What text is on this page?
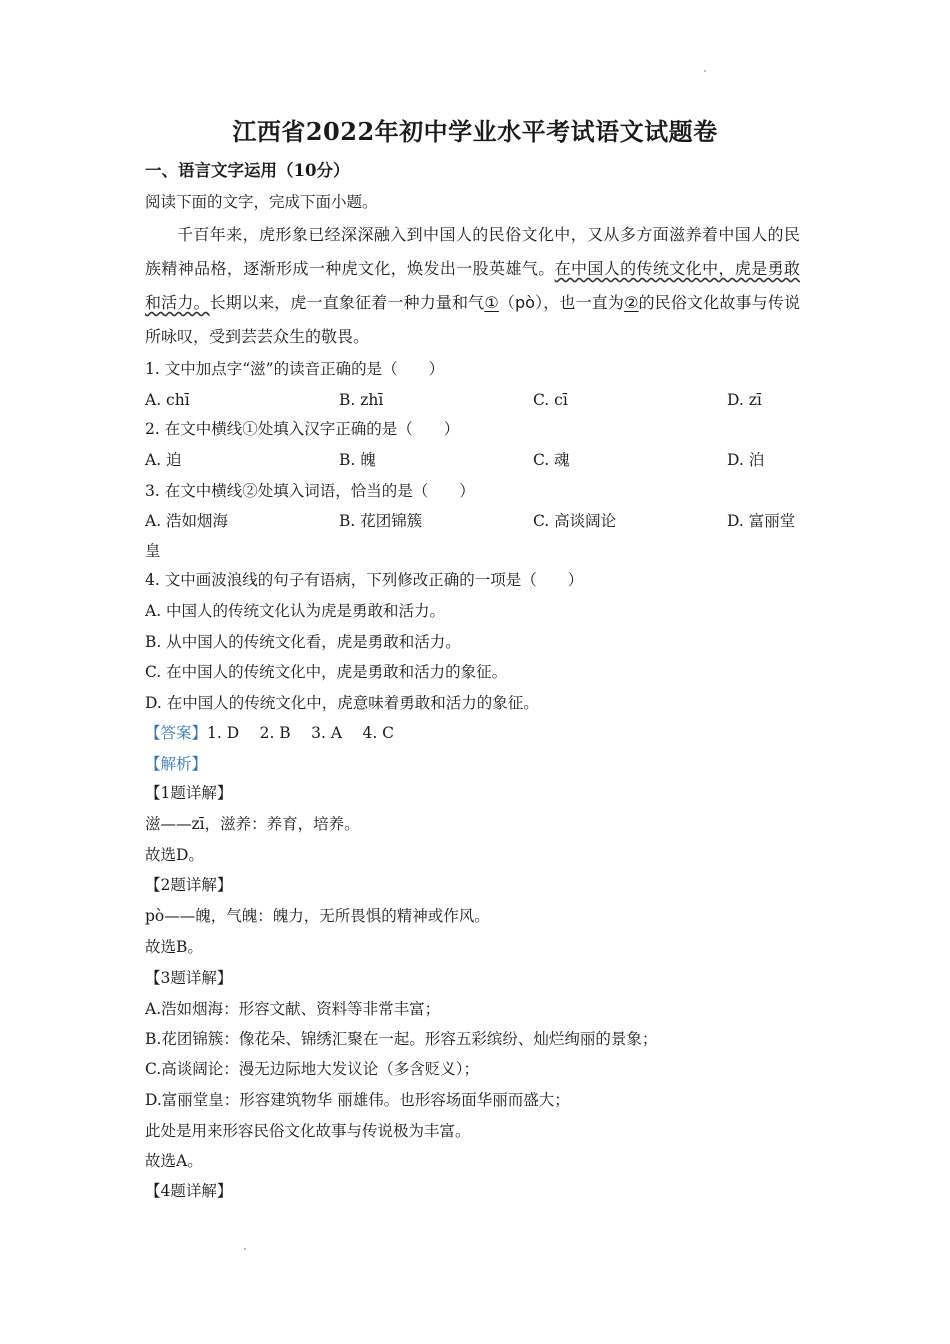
江西省2022年初中学业水平考试语文试题卷
一、语言文字运用（10分）
阅读下面的文字，完成下面小题。
千百年来，虎形象已经深深融入到中国人的民俗文化中，又从多方面滋养着中国人的民族精神品格，逐渐形成一种虎文化，焕发出一股英雄气。在中国人的传统文化中，虎是勇敢和活力。长期以来，虎一直象征着一种力量和气①（pò），也一直为②的民俗文化故事与传说所咏叹，受到芸芸众生的敬畏。
1. 文中加点字“滋”的读音正确的是（　　）
A. chī	B. zhī	C. cī	D. zī
2. 在文中横线①处填入汉字正确的是（　　）
A. 迫	B. 魄	C. 魂	D. 泊
3. 在文中横线②处填入词语，恰当的是（　　）
A. 浩如烟海	B. 花团锦簇	C. 高谈阔论	D. 富丽堂
皇
4. 文中画波浪线的句子有语病，下列修改正确的一项是（　　）
A. 中国人的传统文化认为虎是勇敢和活力。
B. 从中国人的传统文化看，虎是勇敢和活力。
C. 在中国人的传统文化中，虎是勇敢和活力的象征。
D. 在中国人的传统文化中，虎意味着勇敢和活力的象征。
【答案】1. D　 2. B　 3. A　 4. C
【解析】
【1题详解】
滋——zī，滋养：养育，培养。
故选D。
【2题详解】
pò——魄，气魄：魄力，无所畏惧的精神或作风。
故选B。
【3题详解】
A.浩如烟海：形容文献、资料等非常丰富；
B.花团锦簇：像花朵、锦绣汇聚在一起。形容五彩缤纷、灿烂绚丽的景象；
C.高谈阔论：漫无边际地大发议论（多含贬义）；
D.富丽堂皇：形容建筑物华 丽雄伟。也形容场面华丽而盛大；
此处是用来形容民俗文化故事与传说极为丰富。
故选A。
【4题详解】
